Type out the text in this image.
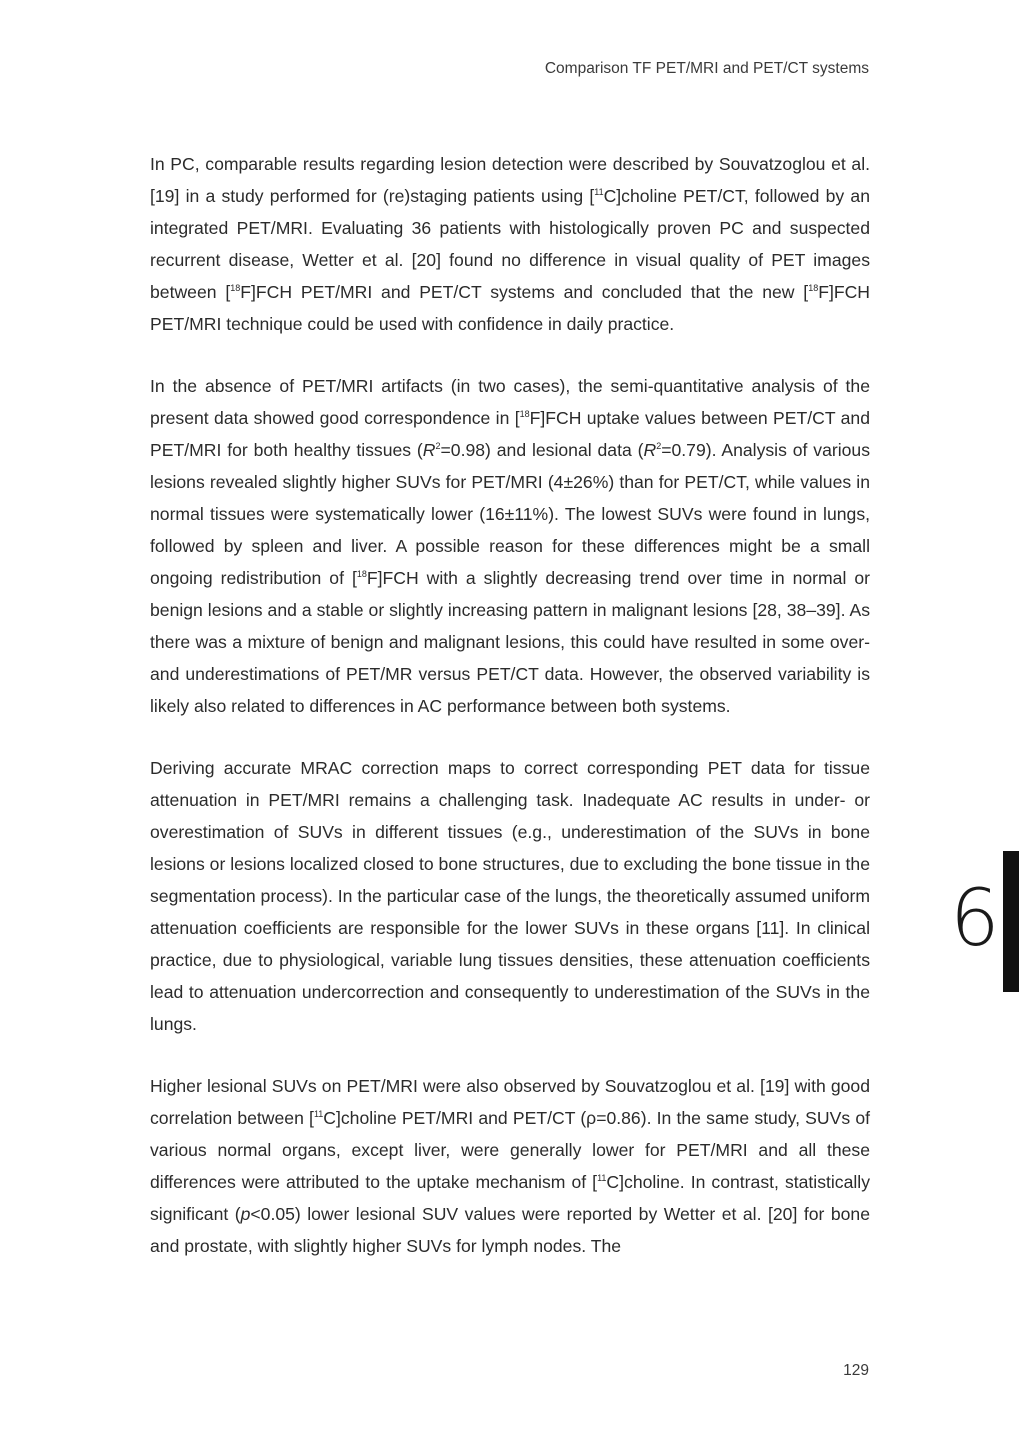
Comparison TF PET/MRI and PET/CT systems

In PC, comparable results regarding lesion detection were described by Souvatzoglou et al. [19] in a study performed for (re)staging patients using [$^{11}$C]choline PET/CT, followed by an integrated PET/MRI. Evaluating 36 patients with histologically proven PC and suspected recurrent disease, Wetter et al. [20] found no difference in visual quality of PET images between [$^{18}$F]FCH PET/MRI and PET/CT systems and concluded that the new [$^{18}$F]FCH PET/MRI technique could be used with confidence in daily practice.

In the absence of PET/MRI artifacts (in two cases), the semi-quantitative analysis of the present data showed good correspondence in [$^{18}$F]FCH uptake values between PET/CT and PET/MRI for both healthy tissues $(R^2=0.98)$ and lesional data $(R^2=0.79)$. Analysis of various lesions revealed slightly higher SUVs for PET/MRI (4±26%) than for PET/CT, while values in normal tissues were systematically lower (16±11%). The lowest SUVs were found in lungs, followed by spleen and liver. A possible reason for these differences might be a small ongoing redistribution of [$^{18}$F]FCH with a slightly decreasing trend over time in normal or benign lesions and a stable or slightly increasing pattern in malignant lesions [28, 38–39]. As there was a mixture of benign and malignant lesions, this could have resulted in some over- and underestimations of PET/MR versus PET/CT data. However, the observed variability is likely also related to differences in AC performance between both systems.

Deriving accurate MRAC correction maps to correct corresponding PET data for tissue attenuation in PET/MRI remains a challenging task. Inadequate AC results in under- or overestimation of SUVs in different tissues (e.g., underestimation of the SUVs in bone lesions or lesions localized closed to bone structures, due to excluding the bone tissue in the segmentation process). In the particular case of the lungs, the theoretically assumed uniform attenuation coefficients are responsible for the lower SUVs in these organs [11]. In clinical practice, due to physiological, variable lung tissues densities, these attenuation coefficients lead to attenuation undercorrection and consequently to underestimation of the SUVs in the lungs.

Higher lesional SUVs on PET/MRI were also observed by Souvatzoglou et al. [19] with good correlation between [$^{11}$C]choline PET/MRI and PET/CT (ρ=0.86). In the same study, SUVs of various normal organs, except liver, were generally lower for PET/MRI and all these differences were attributed to the uptake mechanism of [$^{11}$C]choline. In contrast, statistically significant (p<0.05) lower lesional SUV values were reported by Wetter et al. [20] for bone and prostate, with slightly higher SUVs for lymph nodes. The

6
129
